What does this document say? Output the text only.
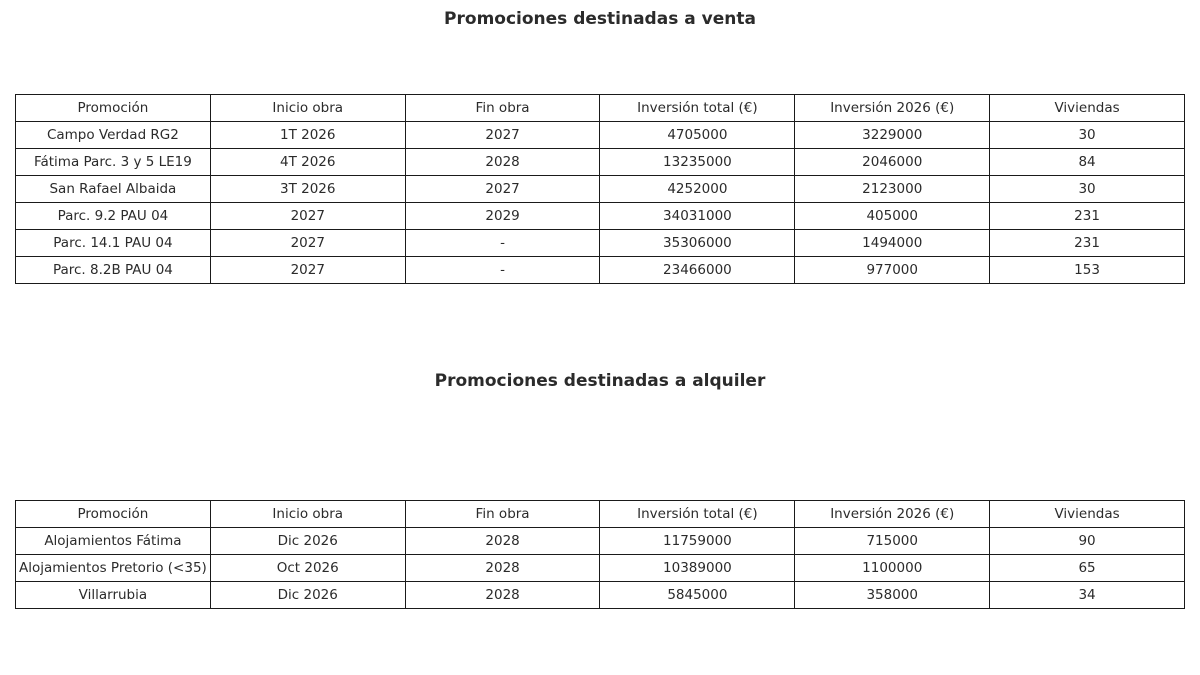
Promociones destinadas a venta
Promoción	Inicio obra	Fin obra	Inversión total (€)	Inversión 2026 (€)	Viviendas
Campo Verdad RG2	1T 2026	2027	4705000	3229000	30
Fátima Parc. 3 y 5 LE19	4T 2026	2028	13235000	2046000	84
San Rafael Albaida	3T 2026	2027	4252000	2123000	30
Parc. 9.2 PAU 04	2027	2029	34031000	405000	231
Parc. 14.1 PAU 04	2027	-	35306000	1494000	231
Parc. 8.2B PAU 04	2027	-	23466000	977000	153
Promociones destinadas a alquiler
Promoción	Inicio obra	Fin obra	Inversión total (€)	Inversión 2026 (€)	Viviendas
Alojamientos Fátima	Dic 2026	2028	11759000	715000	90
Alojamientos Pretorio (<35)	Oct 2026	2028	10389000	1100000	65
Villarrubia	Dic 2026	2028	5845000	358000	34
